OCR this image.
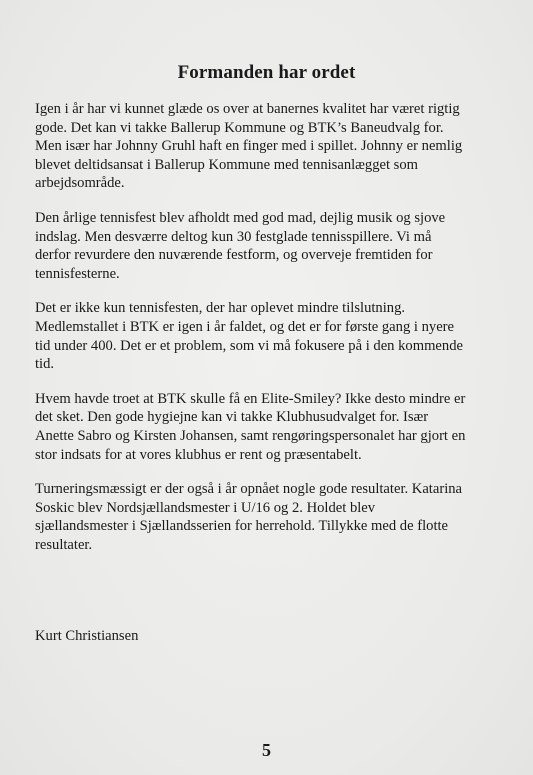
Formanden har ordet

Igen i år har vi kunnet glæde os over at banernes kvalitet har været rigtig
gode. Det kan vi takke Ballerup Kommune og BTK’s Baneudvalg for.
Men især har Johnny Gruhl haft en finger med i spillet. Johnny er nemlig
blevet deltidsansat i Ballerup Kommune med tennisanlægget som
arbejdsområde.

Den årlige tennisfest blev afholdt med god mad, dejlig musik og sjove
indslag. Men desværre deltog kun 30 festglade tennisspillere. Vi må
derfor revurdere den nuværende festform, og overveje fremtiden for
tennisfesterne.

Det er ikke kun tennisfesten, der har oplevet mindre tilslutning.
Medlemstallet i BTK er igen i år faldet, og det er for første gang i nyere
tid under 400. Det er et problem, som vi må fokusere på i den kommende
tid.

Hvem havde troet at BTK skulle få en Elite-Smiley? Ikke desto mindre er
det sket. Den gode hygiejne kan vi takke Klubhusudvalget for. Især
Anette Sabro og Kirsten Johansen, samt rengøringspersonalet har gjort en
stor indsats for at vores klubhus er rent og præsentabelt.

Turneringsmæssigt er der også i år opnået nogle gode resultater. Katarina
Soskic blev Nordsjællandsmester i U/16 og 2. Holdet blev
sjællandsmester i Sjællandsserien for herrehold. Tillykke med de flotte
resultater.

Kurt Christiansen
5
